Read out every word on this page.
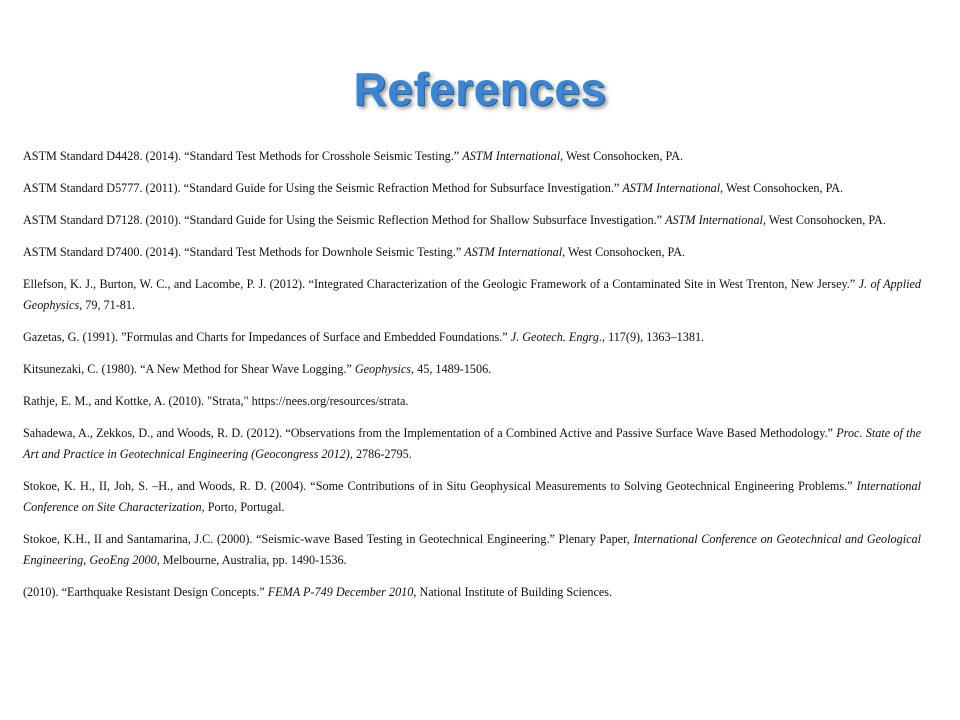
References

ASTM Standard D4428. (2014). “Standard Test Methods for Crosshole Seismic Testing.” ASTM International, West Consohocken, PA.

ASTM Standard D5777. (2011). “Standard Guide for Using the Seismic Refraction Method for Subsurface Investigation.” ASTM International, West Consohocken, PA.

ASTM Standard D7128. (2010). “Standard Guide for Using the Seismic Reflection Method for Shallow Subsurface Investigation.” ASTM International, West Consohocken, PA.

ASTM Standard D7400. (2014). “Standard Test Methods for Downhole Seismic Testing.” ASTM International, West Consohocken, PA.

Ellefson, K. J., Burton, W. C., and Lacombe, P. J. (2012). “Integrated Characterization of the Geologic Framework of a Contaminated Site in West Trenton, New Jersey.” J. of Applied Geophysics, 79, 71-81.

Gazetas, G. (1991). ”Formulas and Charts for Impedances of Surface and Embedded Foundations.” J. Geotech. Engrg., 117(9), 1363–1381.

Kitsunezaki, C. (1980). “A New Method for Shear Wave Logging.” Geophysics, 45, 1489-1506.

Rathje, E. M., and Kottke, A. (2010). "Strata," https://nees.org/resources/strata.

Sahadewa, A., Zekkos, D., and Woods, R. D. (2012). “Observations from the Implementation of a Combined Active and Passive Surface Wave Based Methodology.” Proc. State of the Art and Practice in Geotechnical Engineering (Geocongress 2012), 2786-2795.

Stokoe, K. H., II, Joh, S. –H., and Woods, R. D. (2004). “Some Contributions of in Situ Geophysical Measurements to Solving Geotechnical Engineering Problems.” International Conference on Site Characterization, Porto, Portugal.

Stokoe, K.H., II and Santamarina, J.C. (2000). “Seismic-wave Based Testing in Geotechnical Engineering.” Plenary Paper, International Conference on Geotechnical and Geological Engineering, GeoEng 2000, Melbourne, Australia, pp. 1490-1536.

(2010). “Earthquake Resistant Design Concepts.” FEMA P-749 December 2010, National Institute of Building Sciences.
